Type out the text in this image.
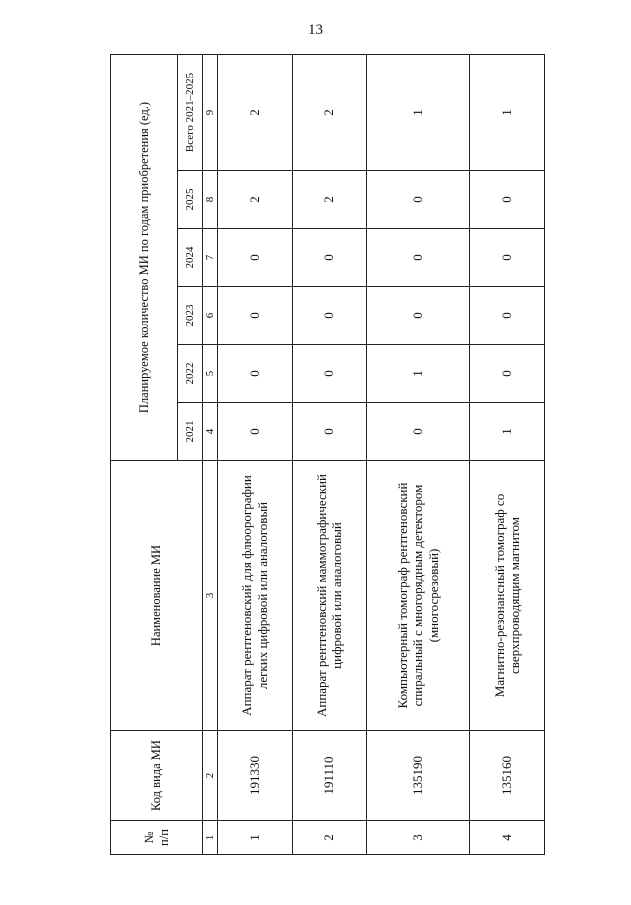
13
№ п/п	Код вида МИ	Наименование МИ	Планируемое количество МИ по годам приобретения (ед.)					
			2021	2022	2023	2024	2025	Всего 2021–2025
1	2	3	4	5	6	7	8	9
1	191330	Аппарат рентгеновский для флюорографии легких цифровой или аналоговый	0	0	0	0	2	2
2	191110	Аппарат рентгеновский маммографический цифровой или аналоговый	0	0	0	0	2	2
3	135190	Компьютерный томограф рентгеновский спиральный с многорядным детектором (многосрезовый)	0	1	0	0	0	1
4	135160	Магнитно-резонансный томограф со сверхпроводящим магнитом	1	0	0	0	0	1
